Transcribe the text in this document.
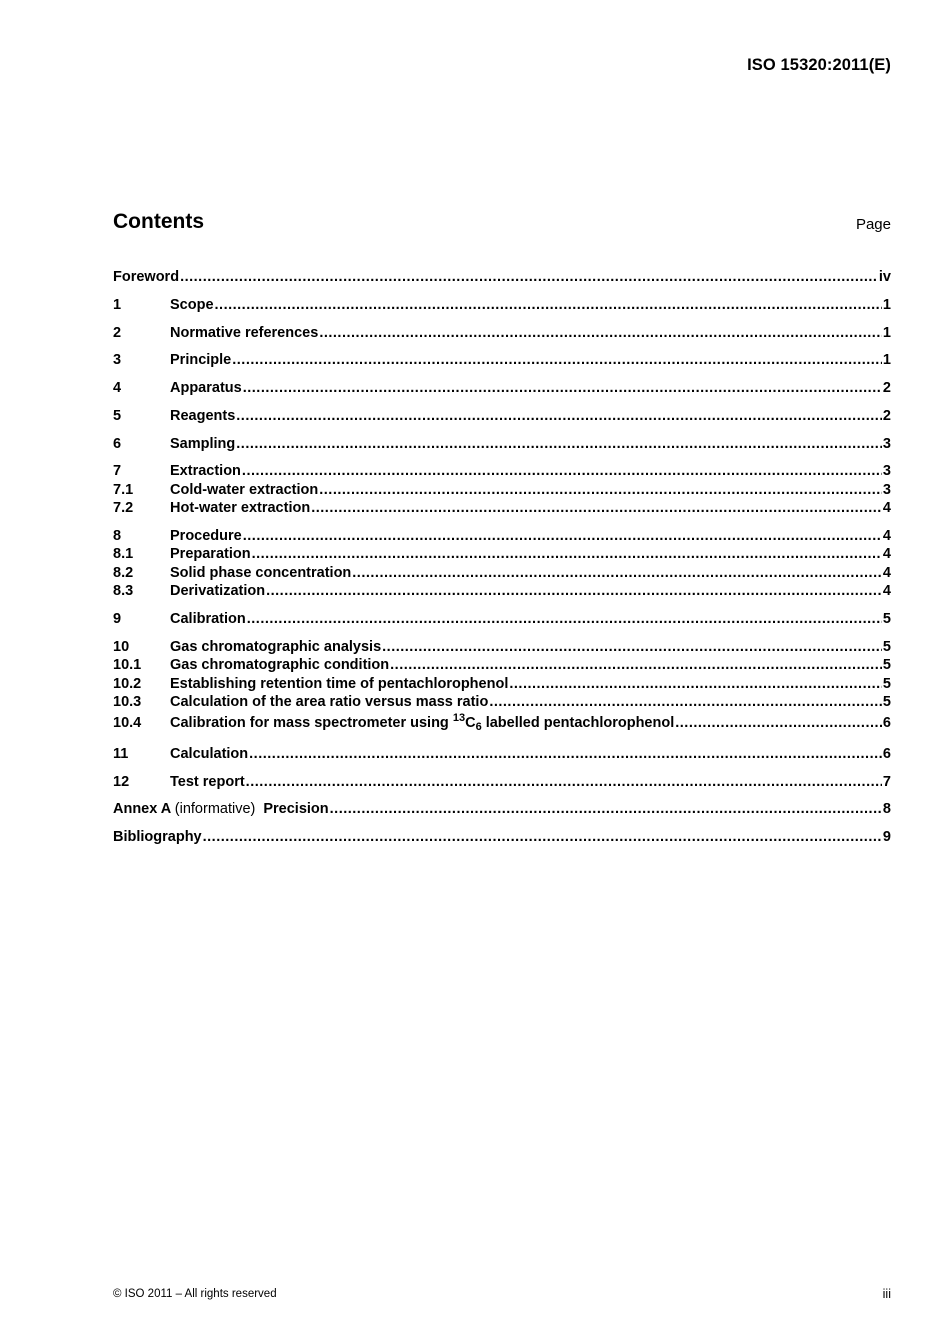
ISO 15320:2011(E)
Contents	Page
Foreword .....	iv
1	Scope .....	1
2	Normative references .....	1
3	Principle .....	1
4	Apparatus .....	2
5	Reagents .....	2
6	Sampling .....	3
7	Extraction .....	3
7.1	Cold-water extraction .....	3
7.2	Hot-water extraction .....	4
8	Procedure .....	4
8.1	Preparation .....	4
8.2	Solid phase concentration .....	4
8.3	Derivatization .....	4
9	Calibration .....	5
10	Gas chromatographic analysis .....	5
10.1	Gas chromatographic condition .....	5
10.2	Establishing retention time of pentachlorophenol .....	5
10.3	Calculation of the area ratio versus mass ratio .....	5
10.4	Calibration for mass spectrometer using $^{13}C_6$ labelled pentachlorophenol .....	6
11	Calculation .....	6
12	Test report .....	7
Annex A (informative) Precision .....	8
Bibliography .....	9
© ISO 2011 – All rights reserved	iii
